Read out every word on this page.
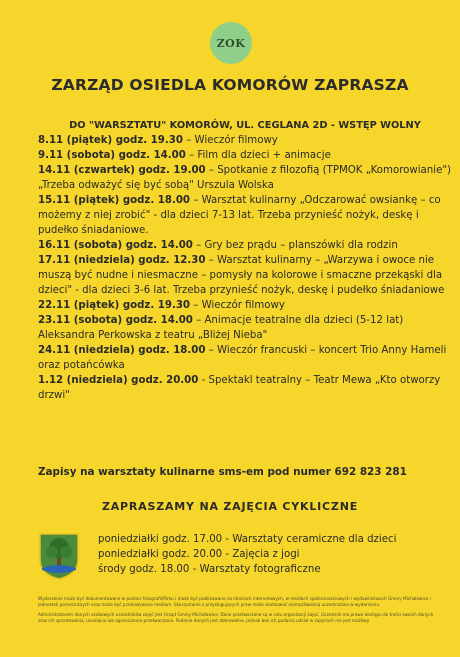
ZOK
ZARZĄD OSIEDLA KOMORÓW ZAPRASZA
DO "WARSZTATU" KOMORÓW, UL. CEGLANA 2D - WSTĘP WOLNY

8.11 (piątek) godz. 19.30 – Wieczór filmowy

9.11 (sobota) godz. 14.00 – Film dla dzieci + animacje

14.11 (czwartek) godz. 19.00 – Spotkanie z filozofią (TPMOK „Komorowianie") „Trzeba odważyć się być sobą" Urszula Wolska

15.11 (piątek) godz. 18.00 – Warsztat kulinarny „Odczarować owsiankę – co możemy z niej zrobić" - dla dzieci 7-13 lat. Trzeba przynieść nożyk, deskę i pudełko śniadaniowe.

16.11 (sobota) godz. 14.00 – Gry bez prądu – planszówki dla rodzin

17.11 (niedziela) godz. 12.30 – Warsztat kulinarny – „Warzywa i owoce nie muszą być nudne i niesmaczne – pomysły na kolorowe i smaczne przekąski dla dzieci" - dla dzieci 3-6 lat. Trzeba przynieść nożyk, deskę i pudełko śniadaniowe

22.11 (piątek) godz. 19.30 – Wieczór filmowy

23.11 (sobota) godz. 14.00 – Animacje teatralne dla dzieci (5-12 lat) Aleksandra Perkowska z teatru „Bliżej Nieba"

24.11 (niedziela) godz. 18.00 – Wieczór francuski – koncert Trio Anny Hameli oraz potańcówka

1.12 (niedziela) godz. 20.00 - Spektakl teatralny – Teatr Mewa „Kto otworzy drzwi"

Zapisy na warsztaty kulinarne sms-em pod numer 692 823 281
ZAPRASZAMY NA ZAJĘCIA CYKLICZNE

poniedziałki godz. 17.00 - Warsztaty ceramiczne dla dzieci

poniedziałki godz. 20.00 - Zajęcia z jogi

środy godz. 18.00 - Warsztaty fotograficzne

Wydarzenie może być dokumentowane w postaci fotografii/filmu i może być publikowane na stronach internetowych, w mediach społecznościowych i wydawnictwach Gminy Michałowice i jednostek pomocniczych oraz może być przekazywane mediom. Skorzystanie z przysługujących praw może skutkować niemożliwością uczestnictwa w wydarzeniu.

Administratorem danych osobowych uczestników zajęć jest Urząd Gminy Michałowice. Dane przetwarzane są w celu organizacji zajęć. Uczestnik ma prawo dostępu do treści swoich danych oraz ich sprostowania, usunięcia lub ograniczenia przetwarzania. Podanie danych jest dobrowolne, jednak bez ich podania udział w zajęciach nie jest możliwy.
